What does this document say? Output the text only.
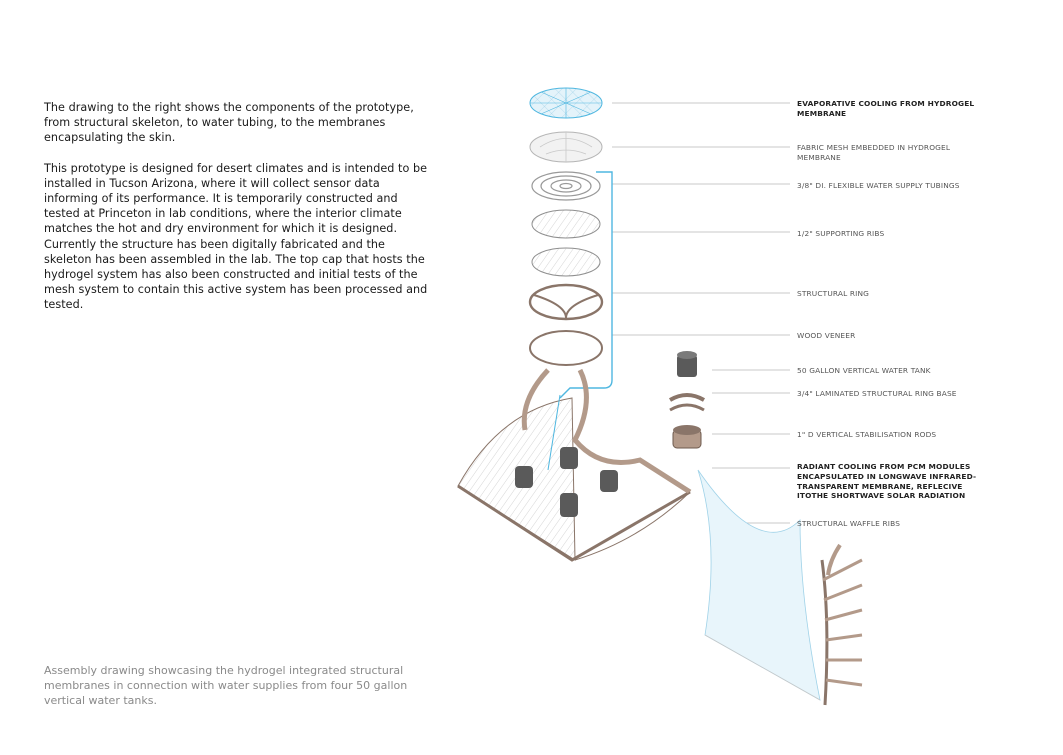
The drawing to the right shows the components of the prototype, from structural skeleton, to water tubing, to the membranes encapsulating the skin.

This prototype is designed for desert climates and is intended to be installed in Tucson Arizona, where it will collect sensor data informing of its performance. It is temporarily constructed and tested at Princeton in lab conditions, where the interior climate matches the hot and dry environment for which it is designed. Currently the structure has been digitally fabricated and the skeleton has been assembled in the lab. The top cap that hosts the hydrogel system has also been constructed and initial tests of the mesh system to contain this active system has been processed and tested.

Assembly drawing showcasing the hydrogel integrated structural membranes in connection with water supplies from four 50 gallon vertical water tanks.
EVAPORATIVE COOLING FROM HYDROGEL MEMBRANE
FABRIC MESH EMBEDDED IN HYDROGEL MEMBRANE
3/8" DI. FLEXIBLE WATER SUPPLY TUBINGS
1/2" SUPPORTING RIBS
STRUCTURAL RING
WOOD VENEER
50 GALLON VERTICAL WATER TANK
3/4" LAMINATED STRUCTURAL RING BASE
1" D VERTICAL STABILISATION RODS
RADIANT COOLING FROM PCM MODULES ENCAPSULATED IN LONGWAVE INFRARED-TRANSPARENT MEMBRANE, REFLECIVE ITOTHE SHORTWAVE SOLAR RADIATION
STRUCTURAL WAFFLE RIBS
